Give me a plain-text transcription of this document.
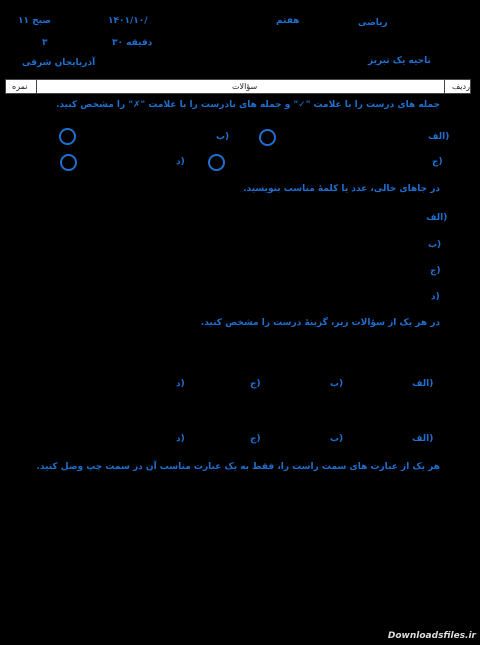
۱۱ صبح	۱۴۰۱/۱۰/	هفتم	ریاضی
۳۰ دقیقه
۳
آذربایجان شرقی	ناحیه یک تبریز
نمره	سؤالات	ردیف
جمله های درست را با علامت "✓" و جمله های نادرست را با علامت "✗" را مشخص کنید.
الف)
ب)
ج)
د)
در جاهای خالی، عدد یا کلمهٔ مناسب بنویسید.
الف)
ب)
ج)
د)
در هر یک از سؤالات زیر، گزینهٔ درست را مشخص کنید.
الف)
ب)
ج)
د)
الف)
ب)
ج)
د)
هر یک از عبارت های سمت راست را، فقط به یک عبارت مناسب آن در سمت چپ وصل کنید.
Downloadsfiles.ir
